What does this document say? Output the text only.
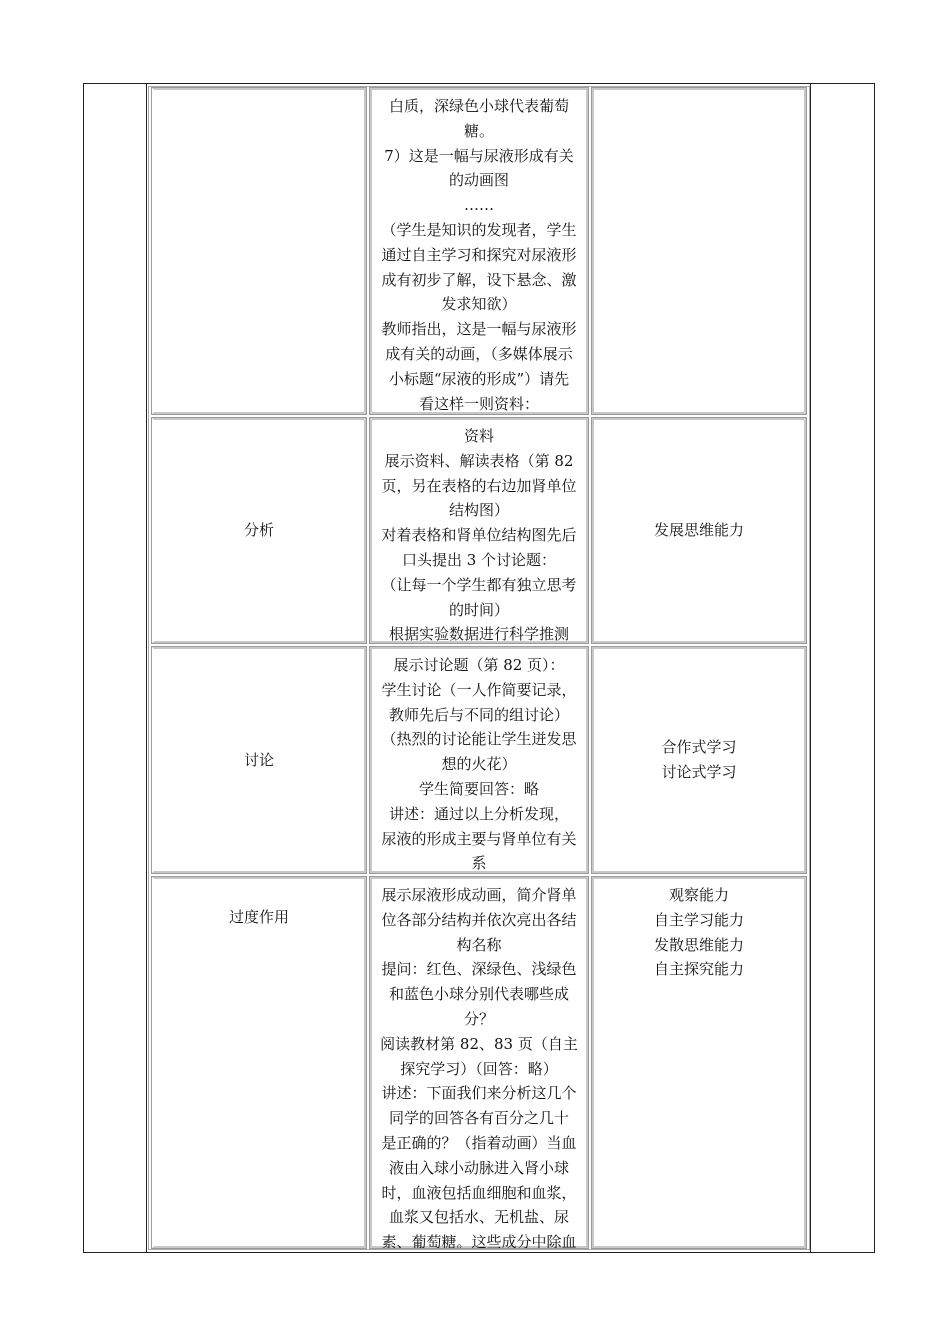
白质，深绿色小球代表葡萄
糖。
7）这是一幅与尿液形成有关
的动画图
……
（学生是知识的发现者，学生
通过自主学习和探究对尿液形
成有初步了解，设下悬念、激
发求知欲）
教师指出，这是一幅与尿液形
成有关的动画，（多媒体展示
小标题“尿液的形成”）请先
看这样一则资料：
分析
资料
展示资料、解读表格（第 82
页，另在表格的右边加肾单位
结构图）
对着表格和肾单位结构图先后
口头提出 3 个讨论题：
（让每一个学生都有独立思考
的时间）
根据实验数据进行科学推测
发展思维能力
讨论
展示讨论题（第 82 页）：
学生讨论（一人作简要记录，
教师先后与不同的组讨论）
（热烈的讨论能让学生迸发思
想的火花）
学生简要回答：略
讲述：通过以上分析发现，
尿液的形成主要与肾单位有关
系
合作式学习
讨论式学习
过度作用
展示尿液形成动画，简介肾单
位各部分结构并依次亮出各结
构名称
提问：红色、深绿色、浅绿色
和蓝色小球分别代表哪些成
分？
阅读教材第 82、83 页（自主
探究学习）（回答：略）
讲述：下面我们来分析这几个
同学的回答各有百分之几十
是正确的？（指着动画）当血
液由入球小动脉进入肾小球
时，血液包括血细胞和血浆，
血浆又包括水、无机盐、尿
素、葡萄糖。这些成分中除血
观察能力
自主学习能力
发散思维能力
自主探究能力
